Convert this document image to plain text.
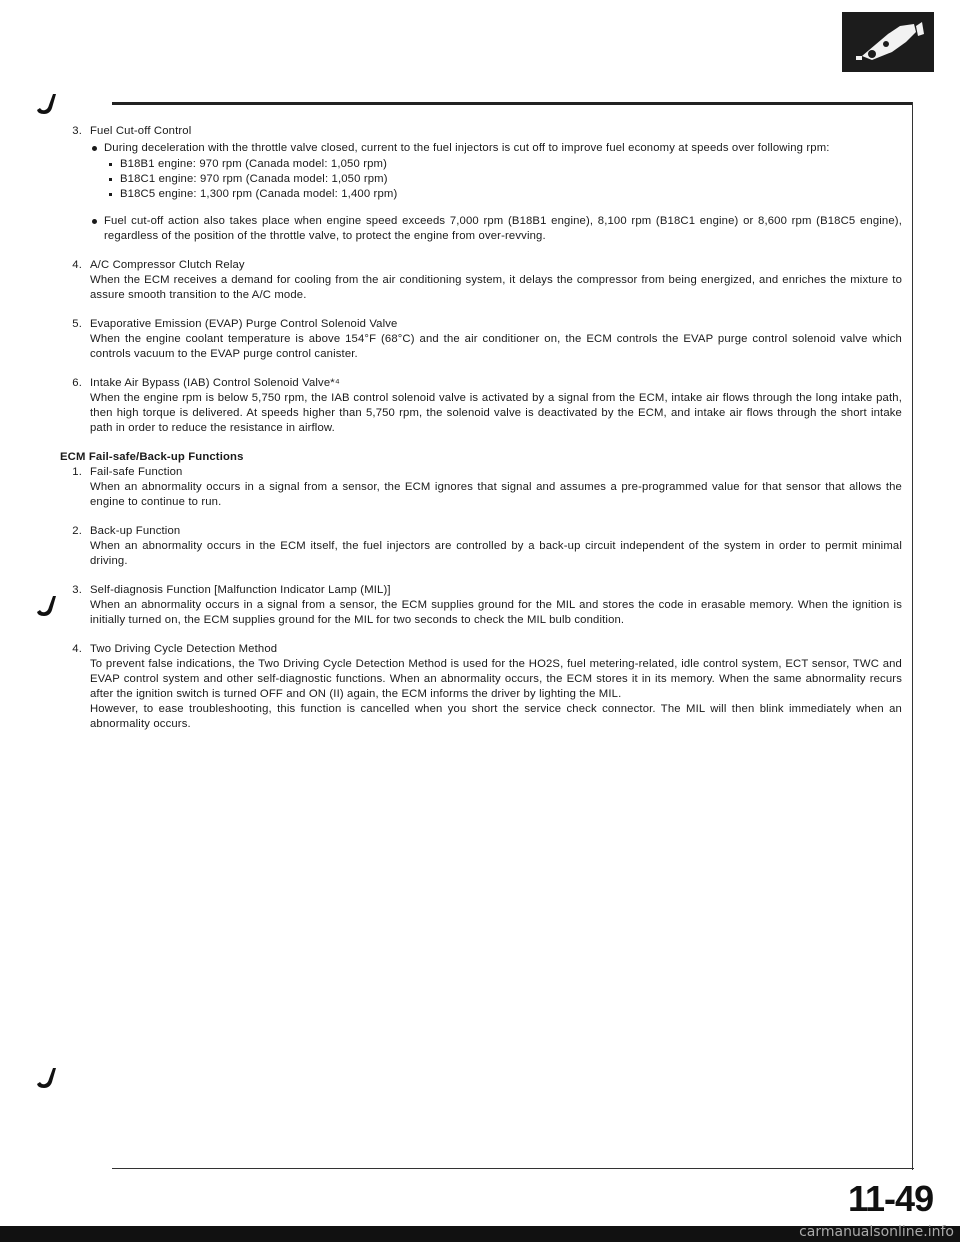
3. Fuel Cut-off Control
During deceleration with the throttle valve closed, current to the fuel injectors is cut off to improve fuel economy at speeds over following rpm:
B18B1 engine: 970 rpm (Canada model: 1,050 rpm)
B18C1 engine: 970 rpm (Canada model: 1,050 rpm)
B18C5 engine: 1,300 rpm (Canada model: 1,400 rpm)
Fuel cut-off action also takes place when engine speed exceeds 7,000 rpm (B18B1 engine), 8,100 rpm (B18C1 engine) or 8,600 rpm (B18C5 engine), regardless of the position of the throttle valve, to protect the engine from over-revving.
4. A/C Compressor Clutch Relay
When the ECM receives a demand for cooling from the air conditioning system, it delays the compressor from being energized, and enriches the mixture to assure smooth transition to the A/C mode.
5. Evaporative Emission (EVAP) Purge Control Solenoid Valve
When the engine coolant temperature is above 154°F (68°C) and the air conditioner on, the ECM controls the EVAP purge control solenoid valve which controls vacuum to the EVAP purge control canister.
6. Intake Air Bypass (IAB) Control Solenoid Valve*⁴
When the engine rpm is below 5,750 rpm, the IAB control solenoid valve is activated by a signal from the ECM, intake air flows through the long intake path, then high torque is delivered. At speeds higher than 5,750 rpm, the solenoid valve is deactivated by the ECM, and intake air flows through the short intake path in order to reduce the resistance in airflow.
ECM Fail-safe/Back-up Functions
1. Fail-safe Function
When an abnormality occurs in a signal from a sensor, the ECM ignores that signal and assumes a pre-programmed value for that sensor that allows the engine to continue to run.
2. Back-up Function
When an abnormality occurs in the ECM itself, the fuel injectors are controlled by a back-up circuit independent of the system in order to permit minimal driving.
3. Self-diagnosis Function [Malfunction Indicator Lamp (MIL)]
When an abnormality occurs in a signal from a sensor, the ECM supplies ground for the MIL and stores the code in erasable memory. When the ignition is initially turned on, the ECM supplies ground for the MIL for two seconds to check the MIL bulb condition.
4. Two Driving Cycle Detection Method
To prevent false indications, the Two Driving Cycle Detection Method is used for the HO2S, fuel metering-related, idle control system, ECT sensor, TWC and EVAP control system and other self-diagnostic functions. When an abnormality occurs, the ECM stores it in its memory. When the same abnormality recurs after the ignition switch is turned OFF and ON (II) again, the ECM informs the driver by lighting the MIL.
However, to ease troubleshooting, this function is cancelled when you short the service check connector. The MIL will then blink immediately when an abnormality occurs.
11-49
carmanualsonline.info
